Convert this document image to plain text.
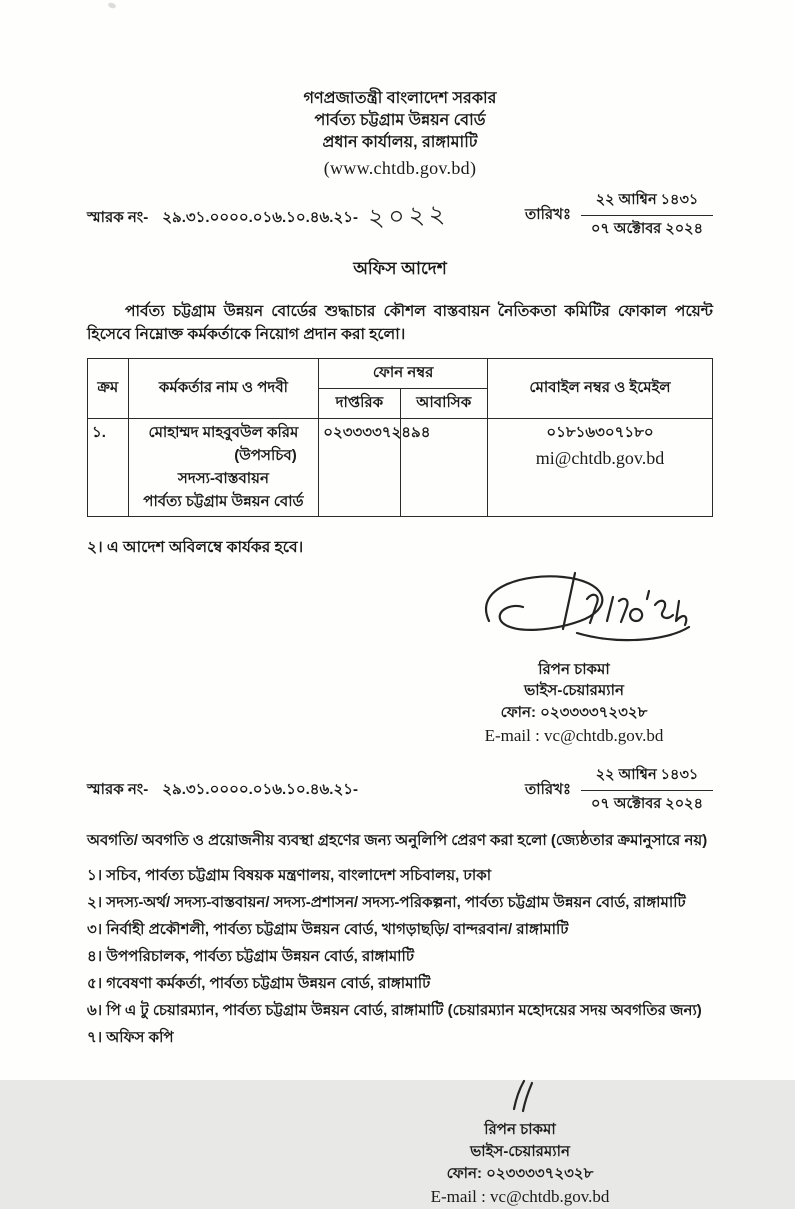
গণপ্রজাতন্ত্রী বাংলাদেশ সরকার
পার্বত্য চট্টগ্রাম উন্নয়ন বোর্ড
প্রধান কার্যালয়, রাঙ্গামাটি
(www.chtdb.gov.bd)
স্মারক নং- ২৯.৩১.০০০০.০১৬.১০.৪৬.২১- ২০২২	তারিখঃ
২২ আশ্বিন ১৪৩১
০৭ অক্টোবর ২০২৪
অফিস আদেশ

পার্বত্য চট্টগ্রাম উন্নয়ন বোর্ডের শুদ্ধাচার কৌশল বাস্তবায়ন নৈতিকতা কমিটির ফোকাল পয়েন্ট হিসেবে নিম্নোক্ত কর্মকর্তাকে নিয়োগ প্রদান করা হলো।

ক্রম	কর্মকর্তার নাম ও পদবী	ফোন নম্বর		মোবাইল নম্বর ও ইমেইল
		দাপ্তরিক	আবাসিক	
১.	মোহাম্মদ মাহবুবউল করিম
(উপসচিব)
সদস্য-বাস্তবায়ন
পার্বত্য চট্টগ্রাম উন্নয়ন বোর্ড
	০২৩৩৩৩৭২৪৯৪		০১৮১৬৩০৭১৮০
mi@chtdb.gov.bd

২। এ আদেশ অবিলম্বে কার্যকর হবে।

রিপন চাকমা
ভাইস-চেয়ারম্যান
ফোন: ০২৩৩৩৩৭২৩২৮
E-mail : vc@chtdb.gov.bd
স্মারক নং- ২৯.৩১.০০০০.০১৬.১০.৪৬.২১-	তারিখঃ
২২ আশ্বিন ১৪৩১
০৭ অক্টোবর ২০২৪

অবগতি/ অবগতি ও প্রয়োজনীয় ব্যবস্থা গ্রহণের জন্য অনুলিপি প্রেরণ করা হলো (জ্যেষ্ঠতার ক্রমানুসারে নয়)

১। সচিব, পার্বত্য চট্টগ্রাম বিষয়ক মন্ত্রণালয়, বাংলাদেশ সচিবালয়, ঢাকা
২। সদস্য-অর্থ/ সদস্য-বাস্তবায়ন/ সদস্য-প্রশাসন/ সদস্য-পরিকল্পনা, পার্বত্য চট্টগ্রাম উন্নয়ন বোর্ড, রাঙ্গামাটি
৩। নির্বাহী প্রকৌশলী, পার্বত্য চট্টগ্রাম উন্নয়ন বোর্ড, খাগড়াছড়ি/ বান্দরবান/ রাঙ্গামাটি
৪। উপপরিচালক, পার্বত্য চট্টগ্রাম উন্নয়ন বোর্ড, রাঙ্গামাটি
৫। গবেষণা কর্মকর্তা, পার্বত্য চট্টগ্রাম উন্নয়ন বোর্ড, রাঙ্গামাটি
৬। পি এ টু চেয়ারম্যান, পার্বত্য চট্টগ্রাম উন্নয়ন বোর্ড, রাঙ্গামাটি (চেয়ারম্যান মহোদয়ের সদয় অবগতির জন্য)
৭। অফিস কপি
রিপন চাকমা
ভাইস-চেয়ারম্যান
ফোন: ০২৩৩৩৩৭২৩২৮
E-mail : vc@chtdb.gov.bd
